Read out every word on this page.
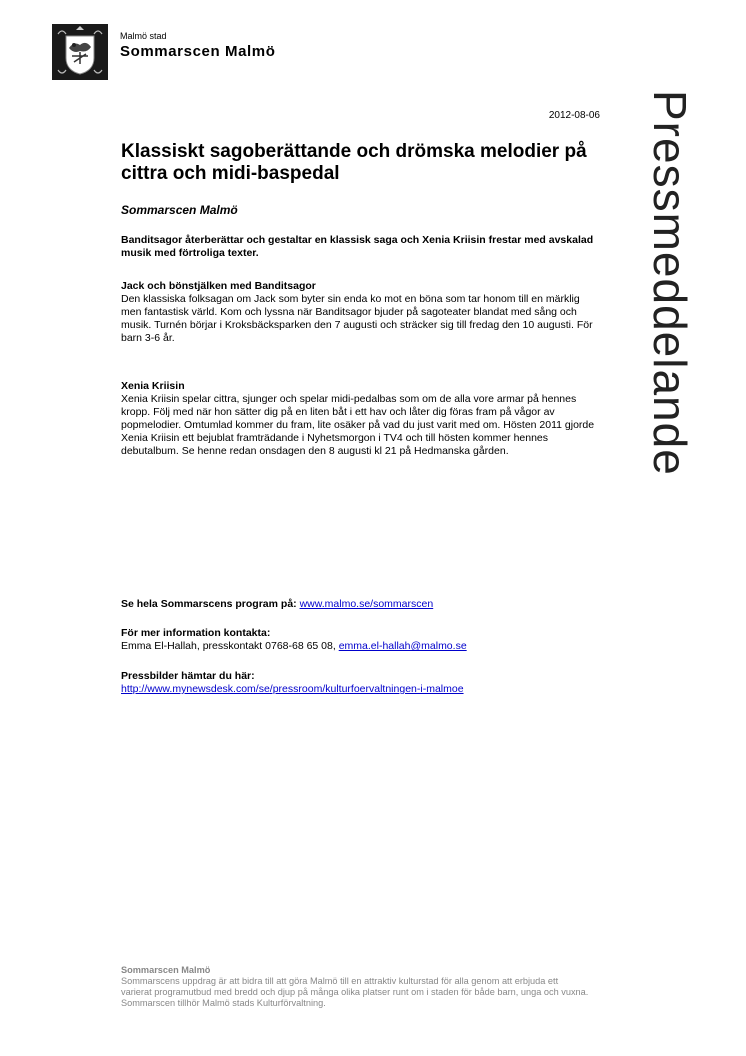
Malmö stad
Sommarscen Malmö
Pressmeddelande
2012-08-06
Klassiskt sagoberättande och drömska melodier på cittra och midi-baspedal
Sommarscen Malmö
Banditsagor återberättar och gestaltar en klassisk saga och Xenia Kriisin frestar med avskalad musik med förtroliga texter.
Jack och bönstjälken med Banditsagor
Den klassiska folksagan om Jack som byter sin enda ko mot en böna som tar honom till en märklig men fantastisk värld. Kom och lyssna när Banditsagor bjuder på sagoteater blandat med sång och musik. Turnén börjar i Kroksbäcksparken den 7 augusti och sträcker sig till fredag den 10 augusti. För barn 3-6 år.
Xenia Kriisin
Xenia Kriisin spelar cittra, sjunger och spelar midi-pedalbas som om de alla vore armar på hennes kropp. Följ med när hon sätter dig på en liten båt i ett hav och låter dig föras fram på vågor av popmelodier. Omtumlad kommer du fram, lite osäker på vad du just varit med om. Hösten 2011 gjorde Xenia Kriisin ett bejublat framträdande i Nyhetsmorgon i TV4 och till hösten kommer hennes debutalbum. Se henne redan onsdagen den 8 augusti kl 21 på Hedmanska gården.
Se hela Sommarscens program på: www.malmo.se/sommarscen
För mer information kontakta:
Emma El-Hallah, presskontakt 0768-68 65 08, emma.el-hallah@malmo.se
Pressbilder hämtar du här:
http://www.mynewsdesk.com/se/pressroom/kulturfoervaltningen-i-malmoe
Sommarscen Malmö
Sommarscens uppdrag är att bidra till att göra Malmö till en attraktiv kulturstad för alla genom att erbjuda ett varierat programutbud med bredd och djup på många olika platser runt om i staden för både barn, unga och vuxna. Sommarscen tillhör Malmö stads Kulturförvaltning.
